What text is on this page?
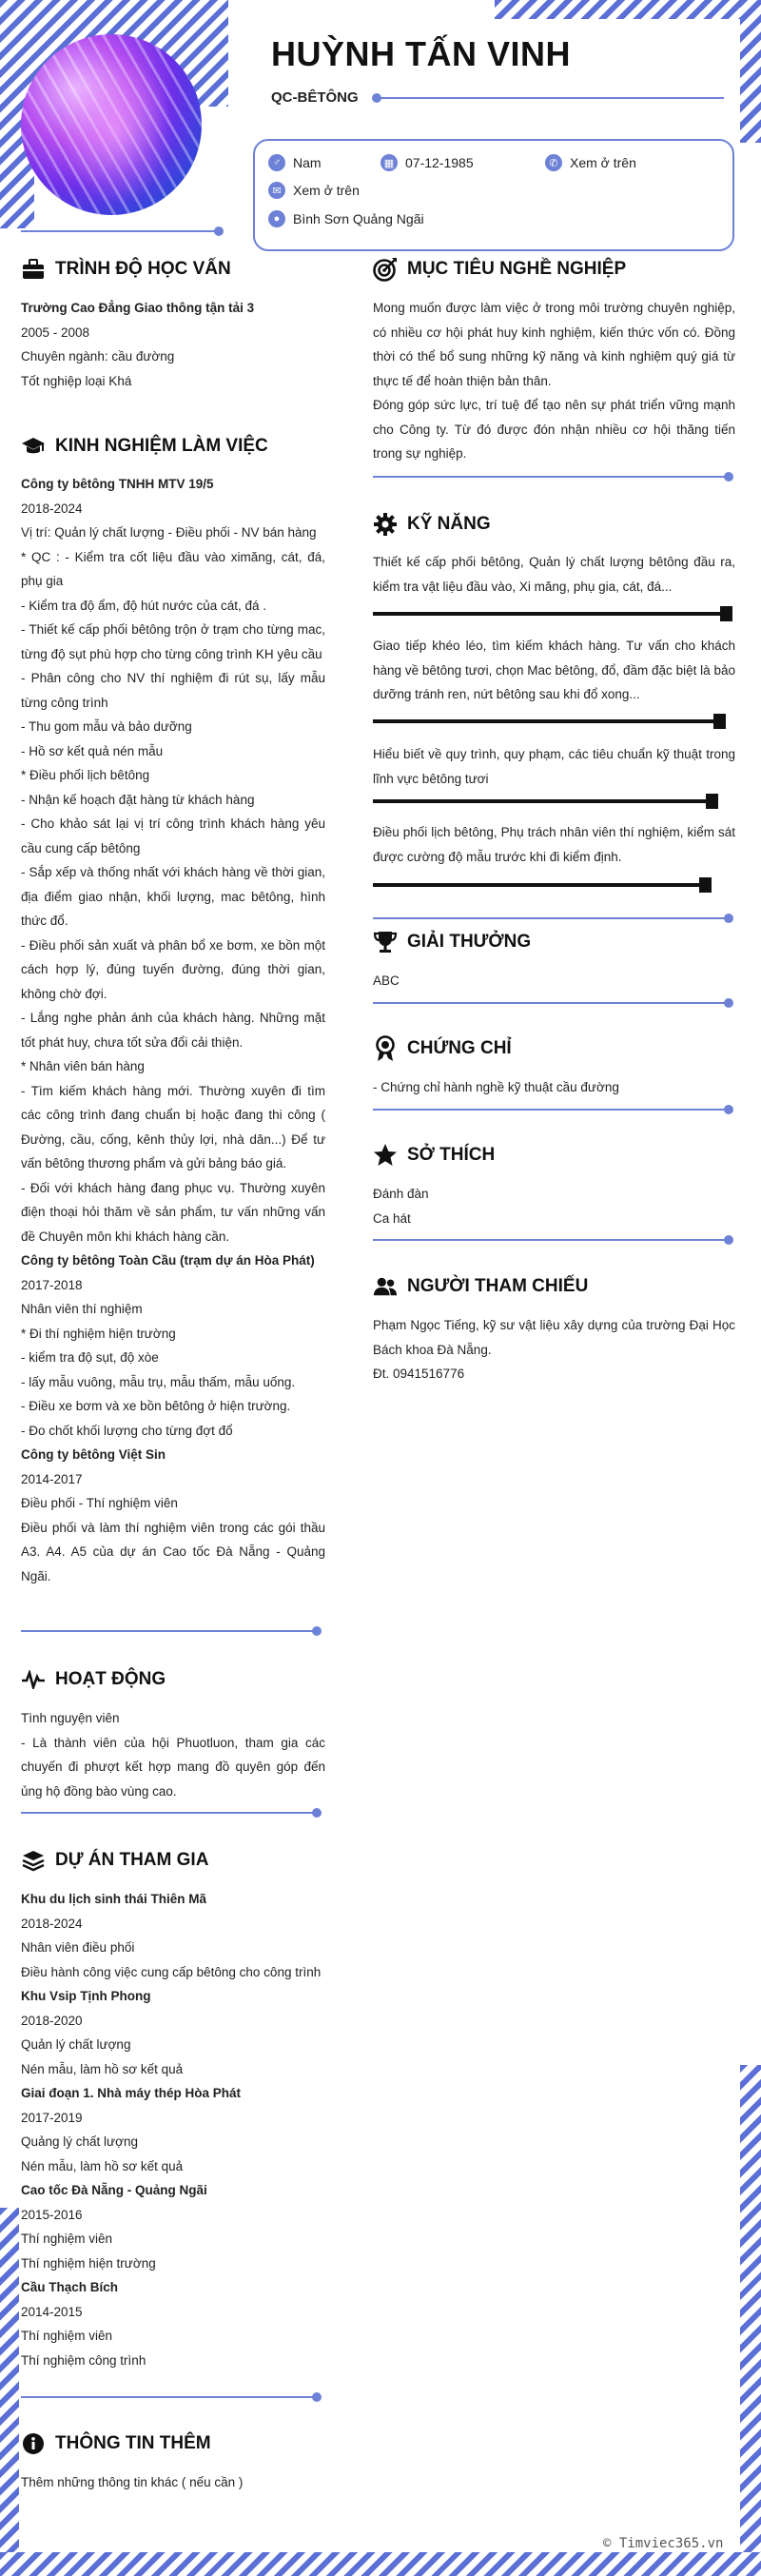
HUỲNH TẤN VINH
QC-BÊTÔNG
♂ Nam	▦ 07-12-1985	✆ Xem ở trên
✉ Xem ở trên
● Bình Sơn Quảng Ngãi
TRÌNH ĐỘ HỌC VẤN
Trường Cao Đẳng Giao thông tận tải 3
2005 - 2008
Chuyên ngành: cầu đường
Tốt nghiệp loại Khá
KINH NGHIỆM LÀM VIỆC
Công ty bêtông TNHH MTV 19/5
2018-2024
Vị trí: Quản lý chất lượng - Điều phối - NV bán hàng
* QC : - Kiểm tra cốt liệu đầu vào ximăng, cát, đá, phụ gia
- Kiểm tra độ ẩm, độ hút nước của cát, đá .
- Thiết kế cấp phối bêtông trộn ở trạm cho từng mac, từng độ sụt phù hợp cho từng công trình KH yêu cầu
- Phân công cho NV thí nghiệm đi rút sụ, lấy mẫu từng công trình
- Thu gom mẫu và bảo dưỡng
- Hồ sơ kết quả nén mẫu
* Điều phối lịch bêtông
- Nhận kế hoạch đặt hàng từ khách hàng
- Cho khảo sát lại vị trí công trình khách hàng yêu cầu cung cấp bêtông
- Sắp xếp và thống nhất với khách hàng về thời gian, địa điểm giao nhận, khối lượng, mac bêtông, hình thức đổ.
- Điều phối sản xuất và phân bổ xe bơm, xe bồn một cách hợp lý, đúng tuyến đường, đúng thời gian, không chờ đợi.
- Lắng nghe phản ánh của khách hàng. Những mặt tốt phát huy, chưa tốt sửa đổi cải thiện.
* Nhân viên bán hàng
- Tìm kiếm khách hàng mới. Thường xuyên đi tìm các công trình đang chuẩn bị hoặc đang thi công ( Đường, cầu, cống, kênh thủy lợi, nhà dân...) Để tư vấn bêtông thương phẩm và gửi bảng báo giá.
- Đối với khách hàng đang phục vụ. Thường xuyên điện thoại hỏi thăm về sản phẩm, tư vấn những vấn đề Chuyên môn khi khách hàng cần.
Công ty bêtông Toàn Cầu (trạm dự án Hòa Phát)
2017-2018
Nhân viên thí nghiệm
* Đi thí nghiệm hiện trường
- kiểm tra độ sụt, độ xòe
- lấy mẫu vuông, mẫu trụ, mẫu thấm, mẫu uống.
- Điều xe bơm và xe bồn bêtông ở hiện trường.
- Đo chốt khối lượng cho từng đợt đổ
Công ty bêtông Việt Sin
2014-2017
Điều phối - Thí nghiệm viên
Điều phối và làm thí nghiệm viên trong các gói thầu A3. A4. A5 của dự án Cao tốc Đà Nẵng - Quảng Ngãi.
HOẠT ĐỘNG
Tình nguyện viên
- Là thành viên của hội Phuotluon, tham gia các chuyến đi phượt kết hợp mang đồ quyên góp đến ủng hộ đồng bào vùng cao.
DỰ ÁN THAM GIA
Khu du lịch sinh thái Thiên Mã
2018-2024
Nhân viên điều phối
Điều hành công việc cung cấp bêtông cho công trình
Khu Vsip Tịnh Phong
2018-2020
Quản lý chất lượng
Nén mẫu, làm hồ sơ kết quả
Giai đoạn 1. Nhà máy thép Hòa Phát
2017-2019
Quảng lý chất lượng
Nén mẫu, làm hồ sơ kết quả
Cao tốc Đà Nẵng - Quảng Ngãi
2015-2016
Thí nghiệm viên
Thí nghiệm hiện trường
Cầu Thạch Bích
2014-2015
Thí nghiệm viên
Thí nghiệm công trình
THÔNG TIN THÊM
Thêm những thông tin khác ( nếu cần )
MỤC TIÊU NGHỀ NGHIỆP
Mong muốn được làm việc ở trong môi trường chuyên nghiệp, có nhiều cơ hội phát huy kinh nghiệm, kiến thức vốn có. Đồng thời có thể bổ sung những kỹ năng và kinh nghiệm quý giá từ thực tế để hoàn thiện bản thân.
Đóng góp sức lực, trí tuệ để tạo nên sự phát triển vững mạnh cho Công ty. Từ đó được đón nhận nhiều cơ hội thăng tiến trong sự nghiệp.
KỸ NĂNG
Thiết kế cấp phối bêtông, Quản lý chất lượng bêtông đầu ra, kiểm tra vật liệu đầu vào, Xi măng, phụ gia, cát, đá...
Giao tiếp khéo léo, tìm kiếm khách hàng. Tư vấn cho khách hàng về bêtông tươi, chọn Mac bêtông, đổ, đầm đặc biệt là bảo dưỡng tránh ren, nứt bêtông sau khi đổ xong...
Hiểu biết về quy trình, quy phạm, các tiêu chuẩn kỹ thuật trong lĩnh vực bêtông tươi
Điều phối lịch bêtông, Phụ trách nhân viên thí nghiệm, kiểm sát được cường độ mẫu trước khi đi kiểm định.
GIẢI THƯỞNG
ABC
CHỨNG CHỈ
- Chứng chỉ hành nghề kỹ thuật cầu đường
SỞ THÍCH
Đánh đàn
Ca hát
NGƯỜI THAM CHIẾU
Phạm Ngọc Tiếng, kỹ sư vật liệu xây dựng của trường Đại Học Bách khoa Đà Nẵng.
Đt. 0941516776
© Timviec365.vn
